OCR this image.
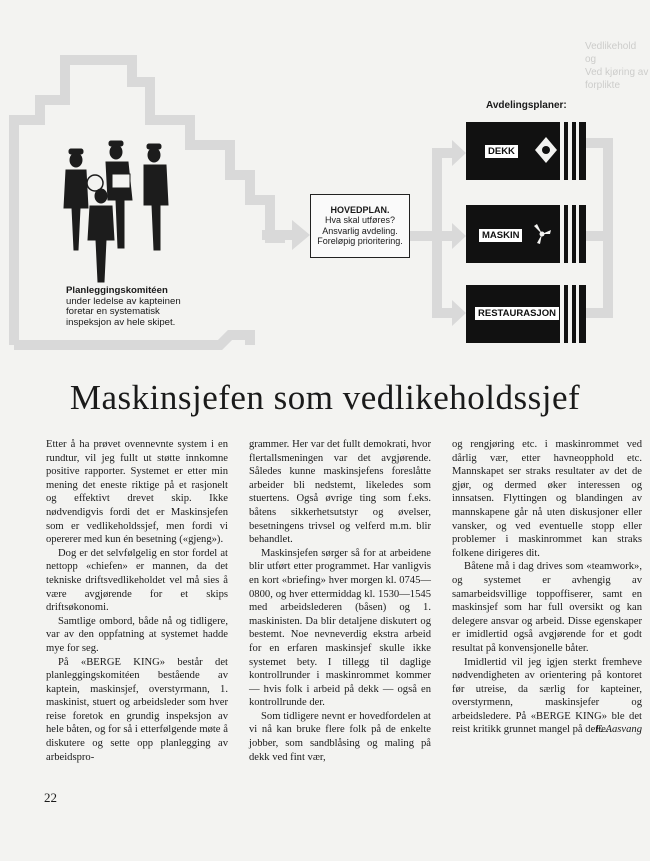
Vedlikehold og
Ved kjøring av
forplikte
Planleggingskomitéen
under ledelse av kapteinen
foretar en systematisk
inspeksjon av hele skipet.
HOVEDPLAN.
Hva skal utføres?
Ansvarlig avdeling.
Foreløpig prioritering.
Avdelingsplaner:
DEKK
MASKIN
RESTAURASJON
Maskinsjefen som vedlikeholdssjef

Etter å ha prøvet ovennevnte system i en rundtur, vil jeg fullt ut støtte innkomne positive rapporter. Systemet er etter min mening det eneste riktige på et rasjonelt og effektivt drevet skip. Ikke nødvendigvis fordi det er Maskinsjefen som er vedlikeholdssjef, men fordi vi opererer med kun én besetning («gjeng»).

Dog er det selvfølgelig en stor fordel at nettopp «chiefen» er mannen, da det tekniske driftsvedlikeholdet vel må sies å være avgjørende for et skips driftsøkonomi.

Samtlige ombord, både nå og tidligere, var av den oppfatning at systemet hadde mye for seg.

På «BERGE KING» består det planleggingskomitéen bestående av kaptein, maskinsjef, overstyrmann, 1. maskinist, stuert og arbeidsleder som hver reise foretok en grundig inspeksjon av hele båten, og for så i etterfølgende møte å diskutere og sette opp planlegging av arbeidspro-

grammer. Her var det fullt demokrati, hvor flertallsmeningen var det avgjørende. Således kunne maskinsjefens foreslåtte arbeider bli nedstemt, likeledes som stuertens. Også øvrige ting som f.eks. båtens sikkerhetsutstyr og øvelser, besetningens trivsel og velferd m.m. blir behandlet.

Maskinsjefen sørger så for at arbeidene blir utført etter programmet. Har vanligvis en kort «briefing» hver morgen kl. 0745—0800, og hver ettermiddag kl. 1530—1545 med arbeidslederen (båsen) og 1. maskinisten. Da blir detaljene diskutert og bestemt. Noe nevneverdig ekstra arbeid for en erfaren maskinsjef skulle ikke systemet bety. I tillegg til daglige kontrollrunder i maskinrommet kommer — hvis folk i arbeid på dekk — også en kontrollrunde der.

Som tidligere nevnt er hovedfordelen at vi nå kan bruke flere folk på de enkelte jobber, som sandblåsing og maling på dekk ved fint vær,

og rengjøring etc. i maskinrommet ved dårlig vær, etter havneopphold etc. Mannskapet ser straks resultater av det de gjør, og dermed øker interessen og innsatsen. Flyttingen og blandingen av mannskapene går nå uten diskusjoner eller vansker, og ved eventuelle stopp eller problemer i maskinrommet kan straks folkene dirigeres dit.

Båtene må i dag drives som «teamwork», og systemet er avhengig av samarbeidsvillige toppoffiserer, samt en maskinsjef som har full oversikt og kan delegere ansvar og arbeid. Disse egenskaper er imidlertid også avgjørende for et godt resultat på konvensjonelle båter.

Imidlertid vil jeg igjen sterkt fremheve nødvendigheten av orientering på kontoret før utreise, da særlig for kapteiner, overstyrmenn, maskinsjefer og arbeidsledere. På «BERGE KING» ble det reist kritikk grunnet mangel på dette.

F. Aasvang
22
